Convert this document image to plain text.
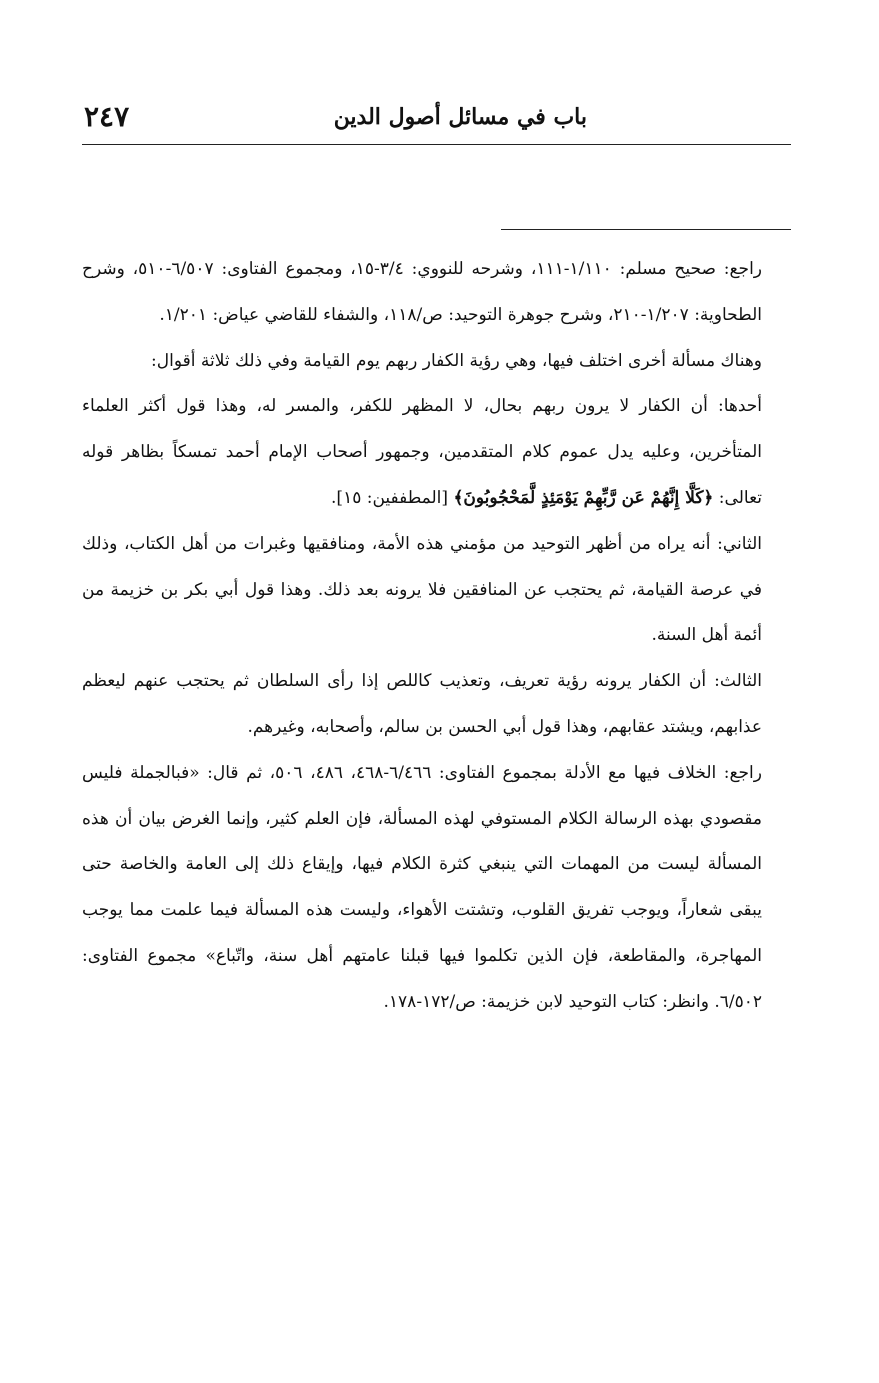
باب في مسائل أصول الدين
٢٤٧

راجع: صحيح مسلم: ١/١١٠-١١١، وشرحه للنووي: ٣/٤-١٥، ومجموع الفتاوى: ٦/٥٠٧-٥١٠، وشرح الطحاوية: ١/٢٠٧-٢١٠، وشرح جوهرة التوحيد: ص/١١٨، والشفاء للقاضي عياض: ١/٢٠١.

وهناك مسألة أخرى اختلف فيها، وهي رؤية الكفار ربهم يوم القيامة وفي ذلك ثلاثة أقوال:

أحدها: أن الكفار لا يرون ربهم بحال، لا المظهر للكفر، والمسر له، وهذا قول أكثر العلماء المتأخرين، وعليه يدل عموم كلام المتقدمين، وجمهور أصحاب الإمام أحمد تمسكاً بظاهر قوله تعالى: ﴿كَلَّا إِنَّهُمْ عَن رَّبِّهِمْ يَوْمَئِذٍ لَّمَحْجُوبُونَ﴾ [المطففين: ١٥].

الثاني: أنه يراه من أظهر التوحيد من مؤمني هذه الأمة، ومنافقيها وغبرات من أهل الكتاب، وذلك في عرصة القيامة، ثم يحتجب عن المنافقين فلا يرونه بعد ذلك. وهذا قول أبي بكر بن خزيمة من أئمة أهل السنة.

الثالث: أن الكفار يرونه رؤية تعريف، وتعذيب كاللص إذا رأى السلطان ثم يحتجب عنهم ليعظم عذابهم، ويشتد عقابهم، وهذا قول أبي الحسن بن سالم، وأصحابه، وغيرهم.

راجع: الخلاف فيها مع الأدلة بمجموع الفتاوى: ٦/٤٦٦-٤٦٨، ٤٨٦، ٥٠٦، ثم قال: «فبالجملة فليس مقصودي بهذه الرسالة الكلام المستوفي لهذه المسألة، فإن العلم كثير، وإنما الغرض بيان أن هذه المسألة ليست من المهمات التي ينبغي كثرة الكلام فيها، وإيقاع ذلك إلى العامة والخاصة حتى يبقى شعاراً، ويوجب تفريق القلوب، وتشتت الأهواء، وليست هذه المسألة فيما علمت مما يوجب المهاجرة، والمقاطعة، فإن الذين تكلموا فيها قبلنا عامتهم أهل سنة، واتّباع» مجموع الفتاوى: ٦/٥٠٢. وانظر: كتاب التوحيد لابن خزيمة: ص/١٧٢-١٧٨.
